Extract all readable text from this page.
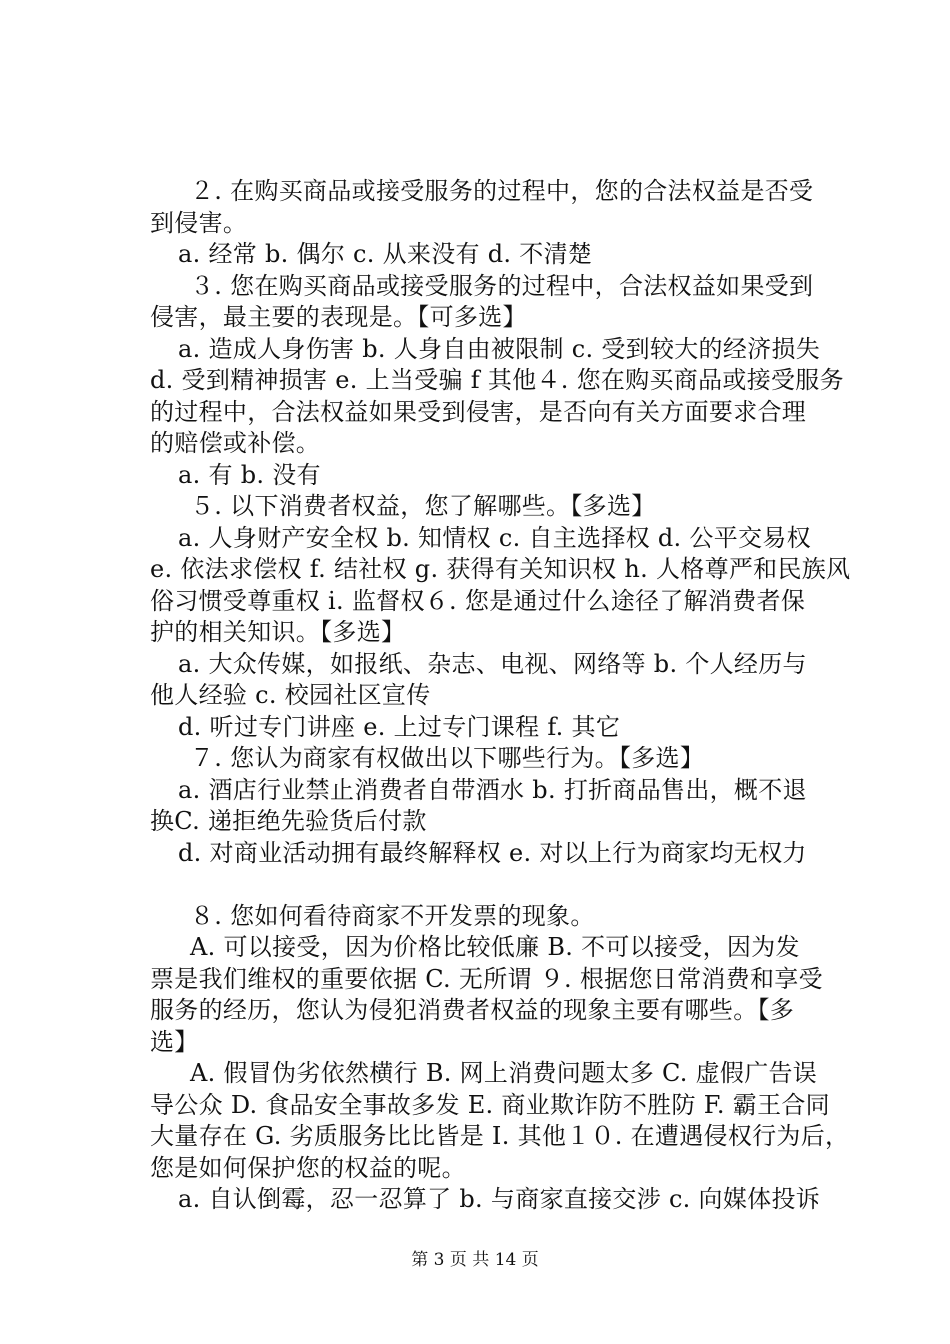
２. 在购买商品或接受服务的过程中，您的合法权益是否受
到侵害。
a. 经常 b. 偶尔 c. 从来没有 d. 不清楚
３. 您在购买商品或接受服务的过程中，合法权益如果受到
侵害，最主要的表现是。【可多选】
a. 造成人身伤害 b. 人身自由被限制 c. 受到较大的经济损失
d. 受到精神损害 e. 上当受骗 f 其他４. 您在购买商品或接受服务
的过程中，合法权益如果受到侵害，是否向有关方面要求合理
的赔偿或补偿。
a. 有 b. 没有
５. 以下消费者权益，您了解哪些。【多选】
a. 人身财产安全权 b. 知情权 c. 自主选择权 d. 公平交易权
e. 依法求偿权 f. 结社权 g. 获得有关知识权 h. 人格尊严和民族风
俗习惯受尊重权 i. 监督权６. 您是通过什么途径了解消费者保
护的相关知识。【多选】
a. 大众传媒，如报纸、杂志、电视、网络等 b. 个人经历与
他人经验 c. 校园社区宣传
d. 听过专门讲座 e. 上过专门课程 f. 其它
７. 您认为商家有权做出以下哪些行为。【多选】
a. 酒店行业禁止消费者自带酒水 b. 打折商品售出，概不退
换C. 递拒绝先验货后付款
d. 对商业活动拥有最终解释权 e. 对以上行为商家均无权力
８. 您如何看待商家不开发票的现象。
A. 可以接受，因为价格比较低廉 B. 不可以接受，因为发
票是我们维权的重要依据 C. 无所谓 ９. 根据您日常消费和享受
服务的经历，您认为侵犯消费者权益的现象主要有哪些。【多
选】
A. 假冒伪劣依然横行 B. 网上消费问题太多 C. 虚假广告误
导公众 D. 食品安全事故多发 E. 商业欺诈防不胜防 F. 霸王合同
大量存在 G. 劣质服务比比皆是 I. 其他１０. 在遭遇侵权行为后，
您是如何保护您的权益的呢。
a. 自认倒霉，忍一忍算了 b. 与商家直接交涉 c. 向媒体投诉
第 3 页 共 14 页
